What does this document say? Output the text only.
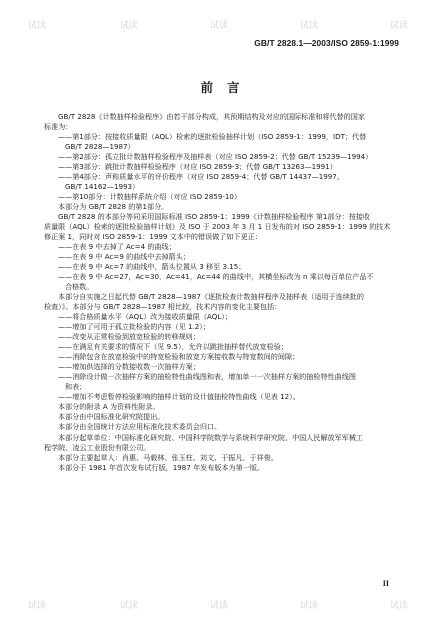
试读	试读	试读	试读	试读
试读	试读	试读	试读	试读
GB/T 2828.1—2003/ISO 2859-1:1999
前言

GB/T 2828《计数抽样检验程序》由若干部分构成，其预期结构及对应的国际标准和将代替的国家

标准为：

——第1部分：按接收质量限（AQL）检索的逐批检验抽样计划（ISO 2859-1：1999，IDT；代替

GB/T 2828—1987）

——第2部分：孤立批计数抽样检验程序及抽样表（对应 ISO 2859-2；代替 GB/T 15239—1994）

——第3部分：跳批计数抽样检验程序（对应 ISO 2859-3；代替 GB/T 13263—1991）

——第4部分：声称质量水平的评价程序（对应 ISO 2859-4；代替 GB/T 14437—1997、

GB/T 14162—1993）

——第10部分：计数抽样系统介绍（对应 ISO 2859-10）

本部分为 GB/T 2828 的第1部分。

GB/T 2828 的本部分等同采用国际标准 ISO 2859-1：1999《计数抽样检验程序 第1部分：按接收

质量限（AQL）检索的逐批检验抽样计划》及 ISO 于 2003 年 3 月 1 日发布的对 ISO 2859-1：1999 的技术

修正案 1，同时对 ISO 2859-1：1999 文本中的错误做了如下更正：

——在表 9 中去掉了 Ac=4 的曲线；

——在表 9 中 Ac=9 的曲线中去掉箭头；

——在表 9 中 Ac=7 的曲线中，箭头位置从 3 移至 3.15；

——在表 9 中 Ac=27，Ac=30，Ac=41，Ac=44 的曲线中，其横坐标改为 n 乘以每百单位产品不

合格数。

本部分自实施之日起代替 GB/T 2828—1987《逐批检查计数抽样程序及抽样表（适用于连续批的

检查）》。本部分与 GB/T 2828—1987 相比较，技术内容的变化主要包括：

——将合格质量水平（AQL）改为接收质量限（AQL）；

——增加了可用于孤立批检验的内容（见 1.2）；

——改变从正常检验到放宽检验的转移规则；

——在满足有关要求的情况下（见 9.5），允许以跳批抽样替代放宽检验；

——消除包含在放宽检验中的特宽检验和放宽方案接收数与特宽数间的间隙；

——增加供选择的分数接收数一次抽样方案；

——消除设计做一次抽样方案的抽检特性曲线图和表，增加单一一次抽样方案的抽检特性曲线图

和表；

——增加不考虑暂停检验影响的抽样计划的设计值抽检特性曲线（见表 12）。

本部分的附录 A 为资料性附录。

本部分由中国标准化研究院提出。

本部分由全国统计方法应用标准化技术委员会归口。

本部分起草单位：中国标准化研究院、中国科学院数学与系统科学研究院、中国人民解放军军械工

程学院、凌云工业股份有限公司。

本部分主要起草人：肖惠、马毅林、张玉柱、刘文、于振凡、于祥俊。

本部分于 1981 年首次发布试行版，1987 年发布版本为第一版。

II
